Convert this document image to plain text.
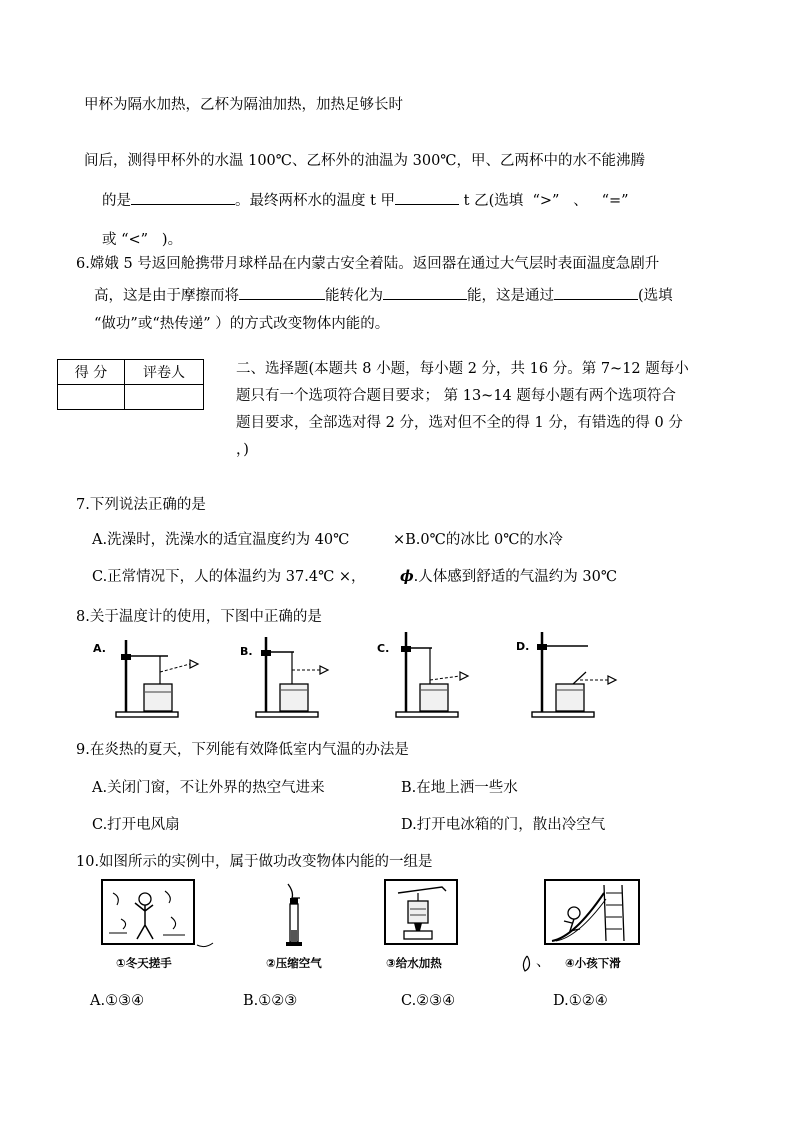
甲杯为隔水加热，乙杯为隔油加热，加热足够长时
间后，测得甲杯外的水温 100℃、乙杯外的油温为 300℃，甲、乙两杯中的水不能沸腾
的是	。最终两杯水的温度 t 甲	t 乙(选填  “>”   、   “=”
或 “<”   )。
6.嫦娥 5 号返回舱携带月球样品在内蒙古安全着陆。返回器在通过大气层时表面温度急剧升
高，这是由于摩擦而将	能转化为	能，这是通过	(选填
“做功”或“热传递” ）的方式改变物体内能的。
得 分	评卷人
		二、选择题(本题共 8 小题，每小题 2 分，共 16 分。第 7~12 题每小
题只有一个选项符合题目要求； 第 13~14 题每小题有两个选项符合
题目要求，全部选对得 2 分，选对但不全的得 1 分，有错选的得 0 分
，)
7.下列说法正确的是
A.洗澡时，洗澡水的适宜温度约为 40℃	×B.0℃的冰比 0℃的水冷
C.正常情况下，人的体温约为 37.4℃ ×， ϕ.人体感到舒适的气温约为 30℃
8.关于温度计的使用，下图中正确的是
A.	B.	C.	D.
9.在炎热的夏天，下列能有效降低室内气温的办法是
A.关闭门窗，不让外界的热空气进来	B.在地上洒一些水
C.打开电风扇	D.打开电冰箱的门，散出冷空气
10.如图所示的实例中，属于做功改变物体内能的一组是
①冬天搓手	②压缩空气	③给水加热	、 ④小孩下滑
A.①③④	B.①②③	C.②③④	D.①②④
